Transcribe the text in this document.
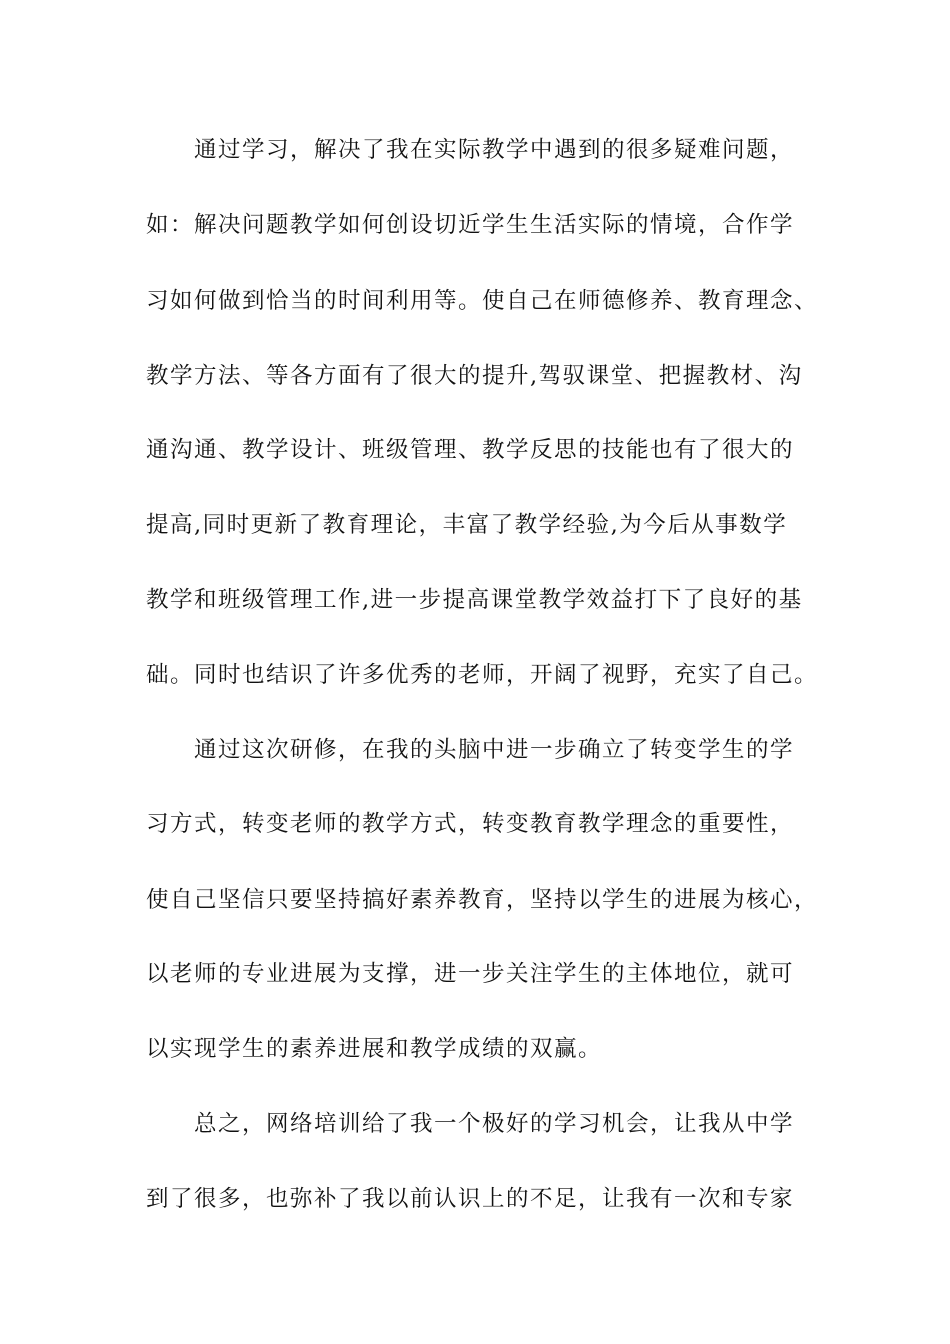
通过学习，解决了我在实际教学中遇到的很多疑难问题，
如：解决问题教学如何创设切近学生生活实际的情境，合作学
习如何做到恰当的时间利用等。使自己在师德修养、教育理念、
教学方法、等各方面有了很大的提升,驾驭课堂、把握教材、沟
通沟通、教学设计、班级管理、教学反思的技能也有了很大的
提高,同时更新了教育理论，丰富了教学经验,为今后从事数学
教学和班级管理工作,进一步提高课堂教学效益打下了良好的基
础。同时也结识了许多优秀的老师，开阔了视野，充实了自己。
通过这次研修，在我的头脑中进一步确立了转变学生的学
习方式，转变老师的教学方式，转变教育教学理念的重要性，
使自己坚信只要坚持搞好素养教育，坚持以学生的进展为核心，
以老师的专业进展为支撑，进一步关注学生的主体地位，就可
以实现学生的素养进展和教学成绩的双赢。
总之，网络培训给了我一个极好的学习机会，让我从中学
到了很多，也弥补了我以前认识上的不足，让我有一次和专家
